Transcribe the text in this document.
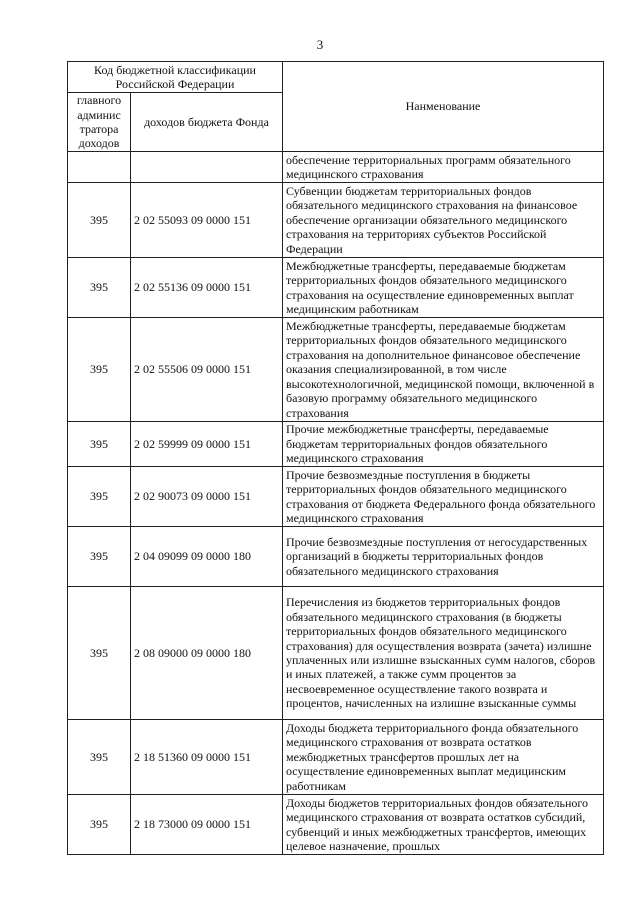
3
Код бюджетной классификации Российской Федерации		Нанменование
главного админис тратора доходов	доходов бюджета Фонда	
		обеспечение территориальных программ обязательного медицинского страхования
395	2 02 55093 09 0000 151	Субвенции бюджетам территориальных фондов обязательного медицинского страхования на финансовое обеспечение организации обязательного медицинского страхования на территориях субъектов Российской Федерации
395	2 02 55136 09 0000 151	Межбюджетные трансферты, передаваемые бюджетам территориальных фондов обязательного медицинского страхования на осуществление единовременных выплат медицинским работникам
395	2 02 55506 09 0000 151	Межбюджетные трансферты, передаваемые бюджетам территориальных фондов обязательного медицинского страхования на дополнительное финансовое обеспечение оказания специализированной, в том числе высокотехнологичной, медицинской помощи, включенной в базовую программу обязательного медицинского страхования
395	2 02 59999 09 0000 151	Прочие межбюджетные трансферты, передаваемые бюджетам территориальных фондов обязательного медицинского страхования
395	2 02 90073 09 0000 151	Прочие безвозмездные поступления в бюджеты территориальных фондов обязательного медицинского страхования от бюджета Федерального фонда обязательного медицинского страхования
395	2 04 09099 09 0000 180	Прочие безвозмездные поступления от негосударственных организаций в бюджеты территориальных фондов обязательного медицинского страхования
395	2 08 09000 09 0000 180	Перечисления из бюджетов территориальных фондов обязательного медицинского страхования (в бюджеты территориальных фондов обязательного медицинского страхования) для осуществления возврата (зачета) излишне уплаченных или излишне взысканных сумм налогов, сборов и иных платежей, а также сумм процентов за несвоевременное осуществление такого возврата и процентов, начисленных на излишне взысканные суммы
395	2 18 51360 09 0000 151	Доходы бюджета территориального фонда обязательного медицинского страхования от возврата остатков межбюджетных трансфертов прошлых лет на осуществление единовременных выплат медицинским работникам
395	2 18 73000 09 0000 151	Доходы бюджетов территориальных фондов обязательного медицинского страхования от возврата остатков субсидий, субвенций и иных межбюджетных трансфертов, имеющих целевое назначение, прошлых
